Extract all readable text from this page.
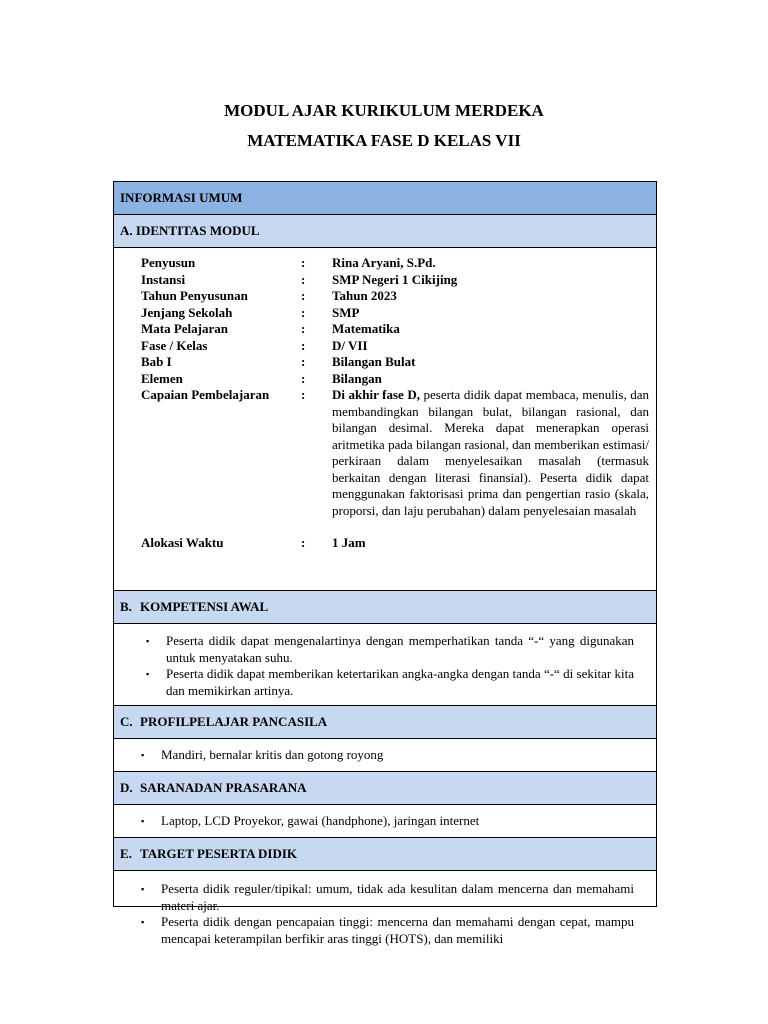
MODUL AJAR KURIKULUM MERDEKA
MATEMATIKA FASE D KELAS VII
INFORMASI UMUM
A. IDENTITAS MODUL
Penyusun	: Rina Aryani, S.Pd.
Instansi	: SMP Negeri 1 Cikijing
Tahun Penyusunan	: Tahun 2023
Jenjang Sekolah	: SMP
Mata Pelajaran	: Matematika
Fase / Kelas	: D/ VII
Bab I	: Bilangan Bulat
Elemen	: Bilangan
Capaian Pembelajaran : Di akhir fase D, peserta didik dapat membaca, menulis, dan membandingkan bilangan bulat, bilangan rasional, dan bilangan desimal. Mereka dapat menerapkan operasi aritmetika pada bilangan rasional, dan memberikan estimasi/ perkiraan dalam menyelesaikan masalah (termasuk berkaitan dengan literasi finansial). Peserta didik dapat menggunakan faktorisasi prima dan pengertian rasio (skala, proporsi, dan laju perubahan) dalam penyelesaian masalah
Alokasi Waktu	: 1 Jam
B. KOMPETENSI AWAL
▪ Peserta didik dapat mengenalartinya dengan memperhatikan tanda “-“ yang digunakan untuk menyatakan suhu.
▪ Peserta didik dapat memberikan ketertarikan angka-angka dengan tanda “-“ di sekitar kita dan memikirkan artinya.
C. PROFILPELAJAR PANCASILA
▪ Mandiri, bernalar kritis dan gotong royong
D. SARANADAN PRASARANA
▪ Laptop, LCD Proyekor, gawai (handphone), jaringan internet
E. TARGET PESERTA DIDIK
▪ Peserta didik reguler/tipikal: umum, tidak ada kesulitan dalam mencerna dan memahami materi ajar.
▪ Peserta didik dengan pencapaian tinggi: mencerna dan memahami dengan cepat, mampu mencapai keterampilan berfikir aras tinggi (HOTS), dan memiliki
